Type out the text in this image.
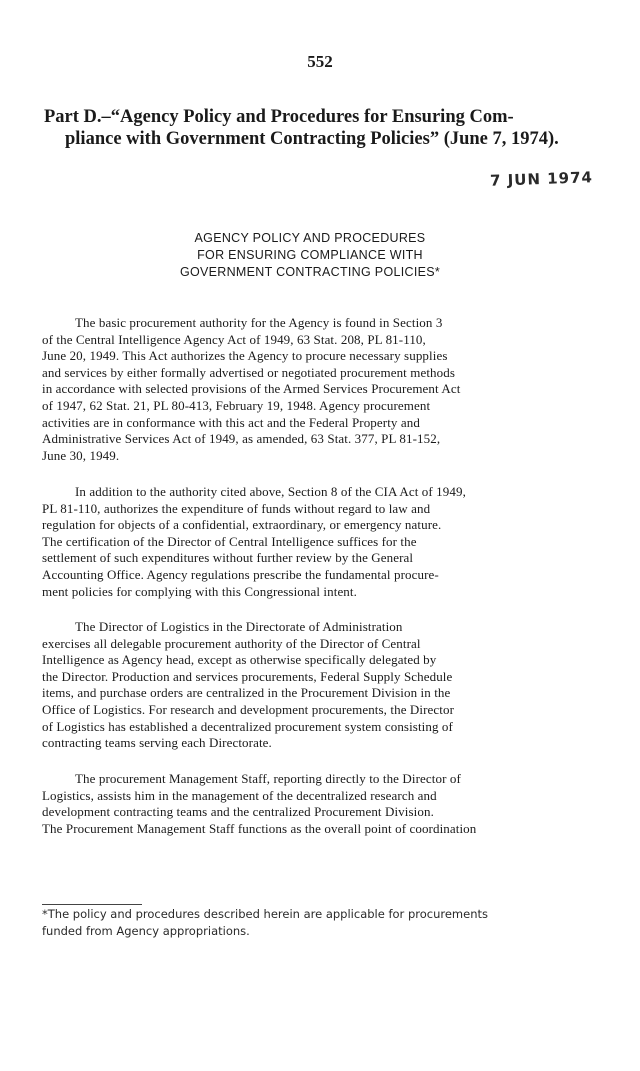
552
Part D.–“Agency Policy and Procedures for Ensuring Com-
pliance with Government Contracting Policies” (June 7, 1974).
7 JUN 1974
AGENCY POLICY AND PROCEDURES
FOR ENSURING COMPLIANCE WITH
GOVERNMENT CONTRACTING POLICIES*
The basic procurement authority for the Agency is found in Section 3
of the Central Intelligence Agency Act of 1949, 63 Stat. 208, PL 81-110,
June 20, 1949. This Act authorizes the Agency to procure necessary supplies
and services by either formally advertised or negotiated procurement methods
in accordance with selected provisions of the Armed Services Procurement Act
of 1947, 62 Stat. 21, PL 80-413, February 19, 1948. Agency procurement
activities are in conformance with this act and the Federal Property and
Administrative Services Act of 1949, as amended, 63 Stat. 377, PL 81-152,
June 30, 1949.
In addition to the authority cited above, Section 8 of the CIA Act of 1949,
PL 81-110, authorizes the expenditure of funds without regard to law and
regulation for objects of a confidential, extraordinary, or emergency nature.
The certification of the Director of Central Intelligence suffices for the
settlement of such expenditures without further review by the General
Accounting Office. Agency regulations prescribe the fundamental procure-
ment policies for complying with this Congressional intent.
The Director of Logistics in the Directorate of Administration
exercises all delegable procurement authority of the Director of Central
Intelligence as Agency head, except as otherwise specifically delegated by
the Director. Production and services procurements, Federal Supply Schedule
items, and purchase orders are centralized in the Procurement Division in the
Office of Logistics. For research and development procurements, the Director
of Logistics has established a decentralized procurement system consisting of
contracting teams serving each Directorate.
The procurement Management Staff, reporting directly to the Director of
Logistics, assists him in the management of the decentralized research and
development contracting teams and the centralized Procurement Division.
The Procurement Management Staff functions as the overall point of coordination
*The policy and procedures described herein are applicable for procurements
funded from Agency appropriations.
